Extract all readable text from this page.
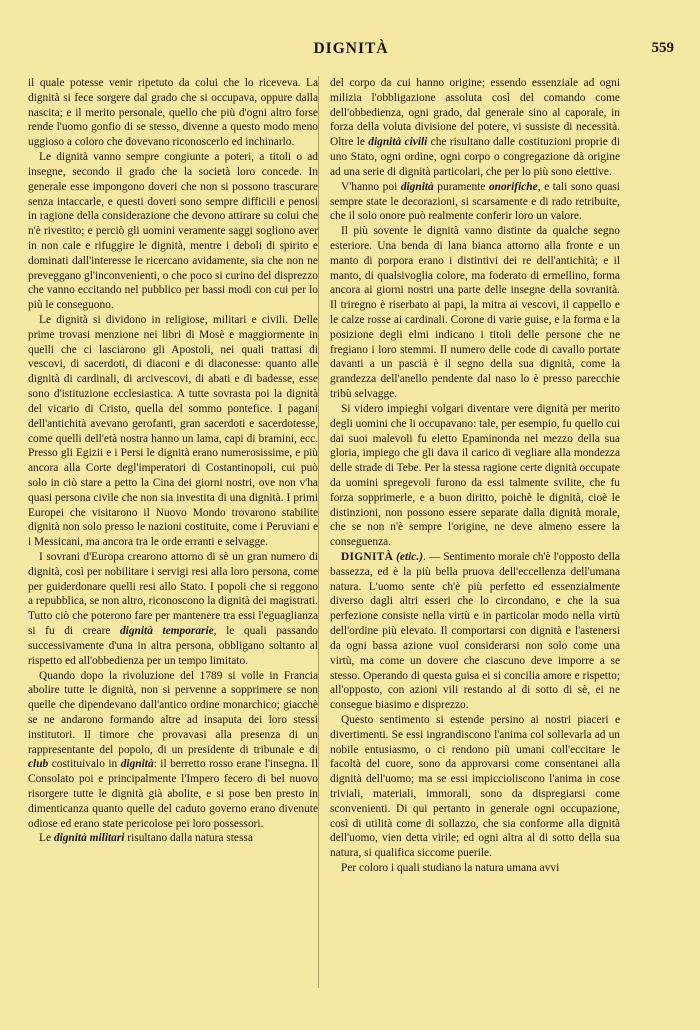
DIGNITÀ	559

il quale potesse venir ripetuto da colui che lo riceveva. La dignità si fece sorgere dal grado che si occupava, oppure dalla nascita; e il merito personale, quello che più d'ogni altro forse rende l'uomo gonfio di se stesso, divenne a questo modo meno uggioso a coloro che dovevano riconoscerlo ed inchinarlo.

Le dignità vanno sempre congiunte a poteri, a titoli o ad insegne, secondo il grado che la società loro concede. In generale esse impongono doveri che non si possono trascurare senza intaccarle, e questi doveri sono sempre difficili e penosi in ragione della considerazione che devono attirare su colui che n'è rivestito; e perciò gli uomini veramente saggi sogliono aver in non cale e rifuggire le dignità, mentre i deboli di spirito e dominati dall'interesse le ricercano avidamente, sia che non ne preveggano gl'inconvenienti, o che poco si curino del disprezzo che vanno eccitando nel pubblico per bassi modi con cui per lo più le conseguono.

Le dignità si dividono in religiose, militari e civili. Delle prime trovasi menzione nei libri di Mosè e maggiormente in quelli che ci lasciarono gli Apostoli, nei quali trattasi di vescovi, di sacerdoti, di diaconi e di diaconesse: quanto alle dignità di cardinali, di arcivescovi, di abati e di badesse, esse sono d'istituzione ecclesiastica. A tutte sovrasta poi la dignità del vicario di Cristo, quella del sommo pontefice. I pagani dell'antichità avevano gerofanti, gran sacerdoti e sacerdotesse, come quelli dell'età nostra hanno un lama, capi di bramini, ecc. Presso gli Egizii e i Persi le dignità erano numerosissime, e più ancora alla Corte degl'imperatori di Costantinopoli, cui può solo in ciò stare a petto la Cina dei giorni nostri, ove non v'ha quasi persona civile che non sia investita di una dignità. I primi Europei che visitarono il Nuovo Mondo trovarono stabilite dignità non solo presso le nazioni costituite, come i Peruviani e i Messicani, ma ancora tra le orde erranti e selvagge.

I sovrani d'Europa crearono attorno di sè un gran numero di dignità, così per nobilitare i servigi resi alla loro persona, come per guiderdonare quelli resi allo Stato. I popoli che si reggono a repubblica, se non altro, riconoscono la dignità dei magistrati. Tutto ciò che poterono fare per mantenere tra essi l'eguaglianza si fu di creare dignità temporarie, le quali passando successivamente d'una in altra persona, obbligano soltanto al rispetto ed all'obbedienza per un tempo limitato.

Quando dopo la rivoluzione del 1789 si volle in Francia abolire tutte le dignità, non si pervenne a sopprimere se non quelle che dipendevano dall'antico ordine monarchico; giacchè se ne andarono formando altre ad insaputa dei loro stessi institutori. Il timore che provavasi alla presenza di un rappresentante del popolo, di un presidente di tribunale e di club costituivalo in dignità: il berretto rosso erane l'insegna. Il Consolato poi e principalmente l'Impero fecero di bel nuovo risorgere tutte le dignità già abolite, e si pose ben presto in dimenticanza quanto quelle del caduto governo erano divenute odiose ed erano state pericolose pei loro possessori.

Le dignità militari risultano dalla natura stessa

del corpo da cui hanno origine; essendo essenziale ad ogni milizia l'obbligazione assoluta così del comando come dell'obbedienza, ogni grado, dal generale sino al caporale, in forza della voluta divisione del potere, vi sussiste di necessità. Oltre le dignità civili che risultano dalle costituzioni proprie di uno Stato, ogni ordine, ogni corpo o congregazione dà origine ad una serie di dignità particolari, che per lo più sono elettive.

V'hanno poi dignità puramente onorifiche, e tali sono quasi sempre state le decorazioni, si scarsamente e di rado retribuite, che il solo onore può realmente conferir loro un valore.

Il più sovente le dignità vanno distinte da qualche segno esteriore. Una benda di lana bianca attorno alla fronte e un manto di porpora erano i distintivi dei re dell'antichità; e il manto, di qualsivoglia colore, ma foderato di ermellino, forma ancora ai giorni nostri una parte delle insegne della sovranità. Il triregno è riserbato ai papi, la mitra ai vescovi, il cappello e le calze rosse ai cardinali. Corone di varie guise, e la forma e la posizione degli elmi indicano i titoli delle persone che ne fregiano i loro stemmi. Il numero delle code di cavallo portate davanti a un pascià è il segno della sua dignità, come la grandezza dell'anello pendente dal naso lo è presso parecchie tribù selvagge.

Si videro impieghi volgari diventare vere dignità per merito degli uomini che li occupavano: tale, per esempio, fu quello cui dai suoi malevoli fu eletto Epaminonda nel mezzo della sua gloria, impiego che gli dava il carico di vegliare alla mondezza delle strade di Tebe. Per la stessa ragione certe dignità occupate da uomini spregevoli furono da essi talmente svilite, che fu forza sopprimerle, e a buon diritto, poichè le dignità, cioè le distinzioni, non possono essere separate dalla dignità morale, che se non n'è sempre l'origine, ne deve almeno essere la conseguenza.

DIGNITÀ (etic.). — Sentimento morale ch'è l'opposto della bassezza, ed è la più bella pruova dell'eccellenza dell'umana natura. L'uomo sente ch'è più perfetto ed essenzialmente diverso dagli altri esseri che lo circondano, e che la sua perfezione consiste nella virtù e in particolar modo nella virtù dell'ordine più elevato. Il comportarsi con dignità e l'astenersi da ogni bassa azione vuol considerarsi non solo come una virtù, ma come un dovere che ciascuno deve imporre a se stesso. Operando di questa guisa ei si concilia amore e rispetto; all'opposto, con azioni vili restando al di sotto di sè, ei ne consegue biasimo e disprezzo.

Questo sentimento si estende persino ai nostri piaceri e divertimenti. Se essi ingrandiscono l'anima col sollevarla ad un nobile entusiasmo, o ci rendono più umani coll'eccitare le facoltà del cuore, sono da approvarsi come consentanei alla dignità dell'uomo; ma se essi impiccioliscono l'anima in cose triviali, materiali, immorali, sono da dispregiarsi come sconvenienti. Di qui pertanto in generale ogni occupazione, così di utilità come di sollazzo, che sia conforme alla dignità dell'uomo, vien detta virile; ed ogni altra al di sotto della sua natura, si qualifica siccome puerile.

Per coloro i quali studiano la natura umana avvi
